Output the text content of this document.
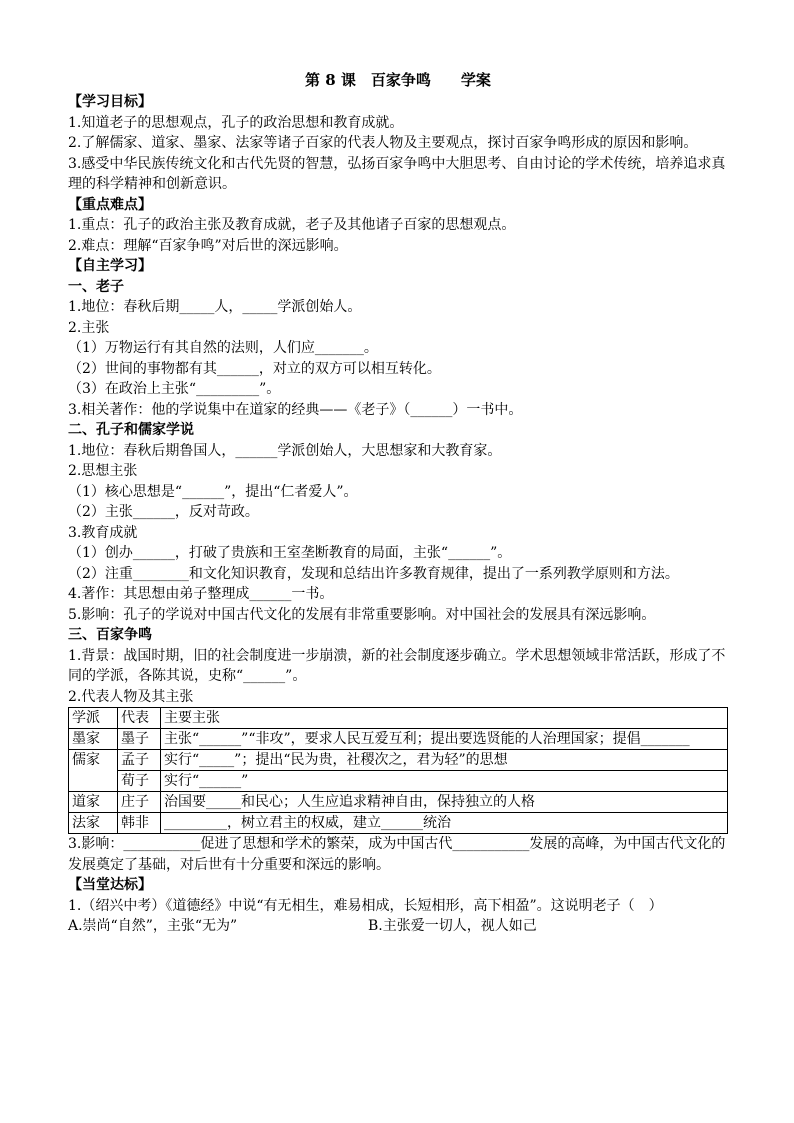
第 8 课　百家争鸣　　学案
【学习目标】
1.知道老子的思想观点，孔子的政治思想和教育成就。
2.了解儒家、道家、墨家、法家等诸子百家的代表人物及主要观点，探讨百家争鸣形成的原因和影响。
3.感受中华民族传统文化和古代先贤的智慧，弘扬百家争鸣中大胆思考、自由讨论的学术传统，培养追求真理的科学精神和创新意识。
【重点难点】
1.重点：孔子的政治主张及教育成就，老子及其他诸子百家的思想观点。
2.难点：理解“百家争鸣”对后世的深远影响。
【自主学习】
一、老子
1.地位：春秋后期_____人，_____学派创始人。
2.主张
（1）万物运行有其自然的法则，人们应_______。
（2）世间的事物都有其______，对立的双方可以相互转化。
（3）在政治上主张“_________”。
3.相关著作：他的学说集中在道家的经典——《老子》（______）一书中。
二、孔子和儒家学说
1.地位：春秋后期鲁国人，______学派创始人，大思想家和大教育家。
2.思想主张
（1）核心思想是“______”，提出“仁者爱人”。
（2）主张______，反对苛政。
3.教育成就
（1）创办______，打破了贵族和王室垄断教育的局面，主张“______”。
（2）注重________和文化知识教育，发现和总结出许多教育规律，提出了一系列教学原则和方法。
4.著作：其思想由弟子整理成______一书。
5.影响：孔子的学说对中国古代文化的发展有非常重要影响。对中国社会的发展具有深远影响。
三、百家争鸣
1.背景：战国时期，旧的社会制度进一步崩溃，新的社会制度逐步确立。学术思想领域非常活跃，形成了不同的学派，各陈其说，史称“______”。
2.代表人物及其主张
学派	代表	主要主张
墨家	墨子	主张“______”“非攻”，要求人民互爱互利；提出要选贤能的人治理国家；提倡_______
儒家	孟子	实行“_____”；提出“民为贵，社稷次之，君为轻”的思想
	荀子	实行“______”
道家	庄子	治国要_____和民心；人生应追求精神自由，保持独立的人格
法家	韩非	_________，树立君主的权威，建立______统治
3.影响：___________促进了思想和学术的繁荣，成为中国古代___________发展的高峰，为中国古代文化的发展奠定了基础，对后世有十分重要和深远的影响。
【当堂达标】
1.（绍兴中考）《道德经》中说“有无相生，难易相成，长短相形，高下相盈”。这说明老子（　）
A.崇尚“自然”，主张“无为”	B.主张爱一切人，视人如己
